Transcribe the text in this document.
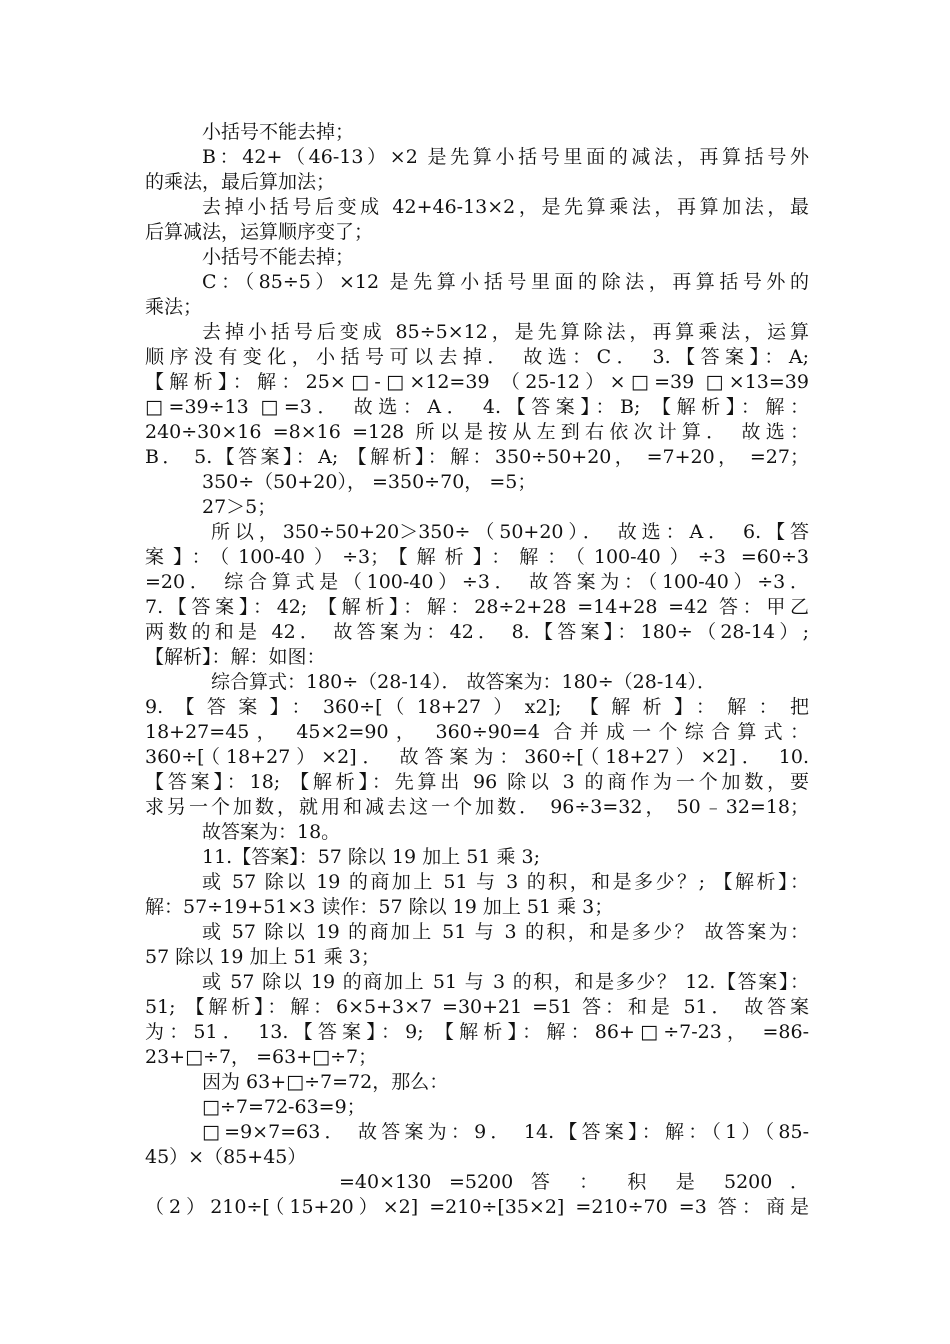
小括号不能去掉；
B：42+（46-13）×2 是先算小括号里面的减法，再算括号外
的乘法，最后算加法；
去掉小括号后变成 42+46-13×2，是先算乘法，再算加法，最
后算减法，运算顺序变了；
小括号不能去掉；
C：（85÷5）×12 是先算小括号里面的除法，再算括号外的
乘法；
去掉小括号后变成 85÷5×12，是先算除法，再算乘法，运算
顺序没有变化，小括号可以去掉． 故选：C． 3.【答案】：A;
【解析】：解：25×□-□×12=39 （25-12）×□=39 □×13=39
□=39÷13 □=3． 故选：A． 4.【答案】：B; 【解析】：解：
240÷30×16 =8×16 =128 所以是按从左到右依次计算． 故选：
B． 5.【答案】：A; 【解析】：解：350÷50+20， =7+20， =27；
350÷（50+20）， =350÷70， =5；
27＞5；
所以，350÷50+20＞350÷（50+20）． 故选：A． 6.【答
案】：（100-40）÷3；【解析】：解：（100-40）÷3 =60÷3
=20． 综合算式是（100-40）÷3． 故答案为：（100-40）÷3．
7.【答案】：42; 【解析】：解：28÷2+28 =14+28 =42 答：甲乙
两数的和是 42． 故答案为：42． 8.【答案】：180÷（28-14）;
【解析】：解：如图：
综合算式：180÷（28-14）． 故答案为：180÷（28-14）．
9.【答案】：360÷[（18+27）x2]; 【解析】：解：把
18+27=45， 45×2=90， 360÷90=4 合并成一个综合算式：
360÷[（18+27）×2]． 故答案为：360÷[（18+27）×2]． 10.
【答案】：18; 【解析】：先算出 96 除以 3 的商作为一个加数，要
求另一个加数，就用和减去这一个加数． 96÷3=32， 50﹣32=18；
故答案为：18。
11.【答案】：57 除以 19 加上 51 乘 3;
或 57 除以 19 的商加上 51 与 3 的积，和是多少？; 【解析】：
解：57÷19+51×3 读作：57 除以 19 加上 51 乘 3；
或 57 除以 19 的商加上 51 与 3 的积，和是多少？ 故答案为：
57 除以 19 加上 51 乘 3；
或 57 除以 19 的商加上 51 与 3 的积，和是多少？ 12.【答案】：
51; 【解析】：解：6×5+3×7 =30+21 =51 答：和是 51． 故答案
为：51． 13.【答案】：9; 【解析】：解：86+□÷7-23， =86-
23+□÷7， =63+□÷7；
因为 63+□÷7=72，那么：
□÷7=72-63=9；
□=9×7=63． 故答案为：9． 14.【答案】：解：（1）（85-
45）×（85+45）
=40×130 =5200 答 ： 积 是 5200 ．
（2）210÷[（15+20）×2] =210÷[35×2] =210÷70 =3 答：商是
